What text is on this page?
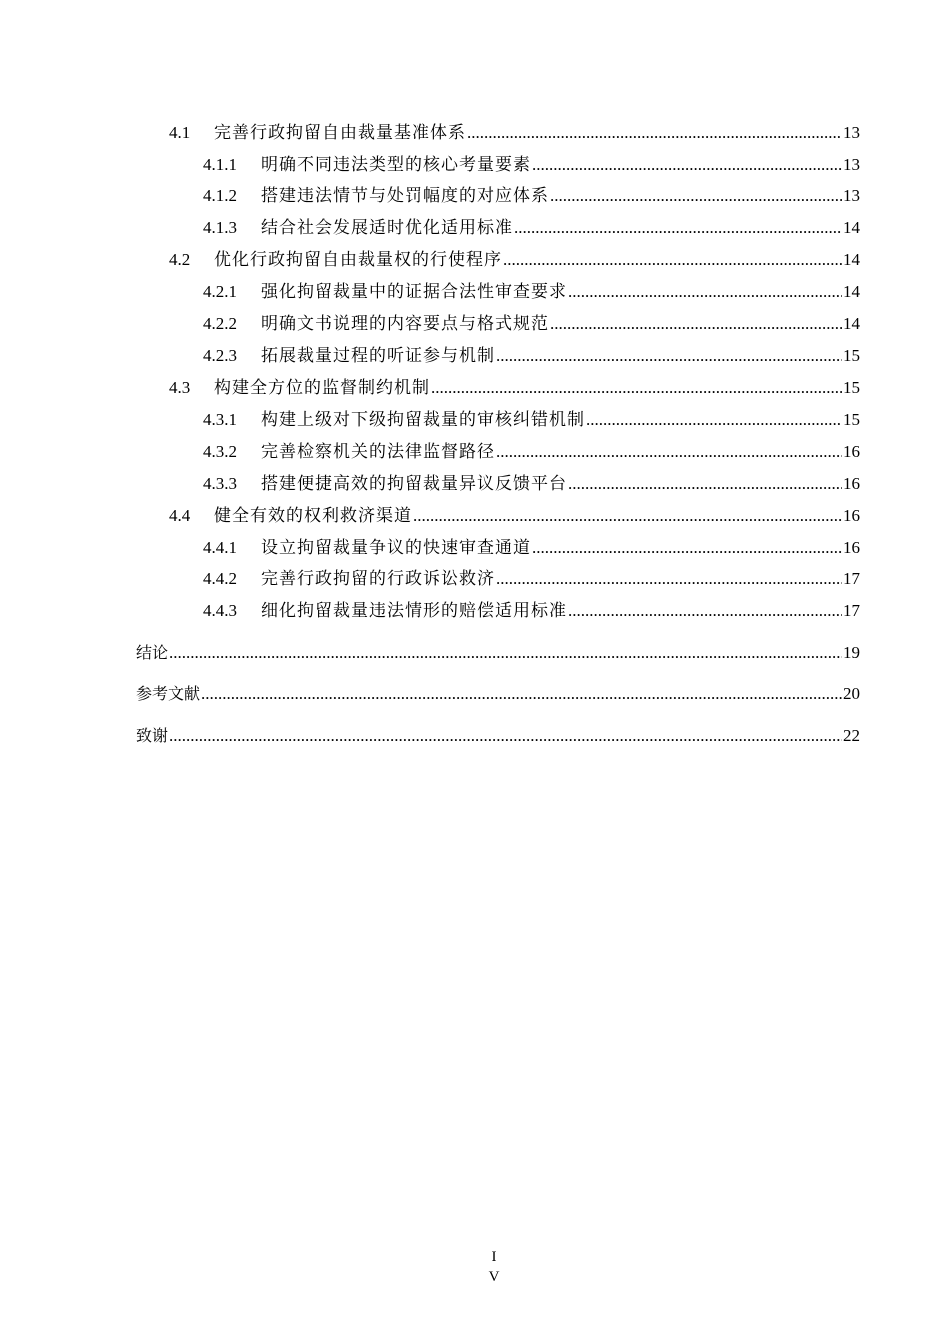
4.1	完善行政拘留自由裁量基准体系 .....	13
4.1.1	明确不同违法类型的核心考量要素 .....	13
4.1.2	搭建违法情节与处罚幅度的对应体系 .....	13
4.1.3	结合社会发展适时优化适用标准 .....	14
4.2	优化行政拘留自由裁量权的行使程序 .....	14
4.2.1	强化拘留裁量中的证据合法性审查要求 .....	14
4.2.2	明确文书说理的内容要点与格式规范 .....	14
4.2.3	拓展裁量过程的听证参与机制 .....	15
4.3	构建全方位的监督制约机制 .....	15
4.3.1	构建上级对下级拘留裁量的审核纠错机制 .....	15
4.3.2	完善检察机关的法律监督路径 .....	16
4.3.3	搭建便捷高效的拘留裁量异议反馈平台 .....	16
4.4	健全有效的权利救济渠道 .....	16
4.4.1	设立拘留裁量争议的快速审查通道 .....	16
4.4.2	完善行政拘留的行政诉讼救济 .....	17
4.4.3	细化拘留裁量违法情形的赔偿适用标准 .....	17
结论 .....	19
参考文献 .....	20
致谢 .....	22
I
V
